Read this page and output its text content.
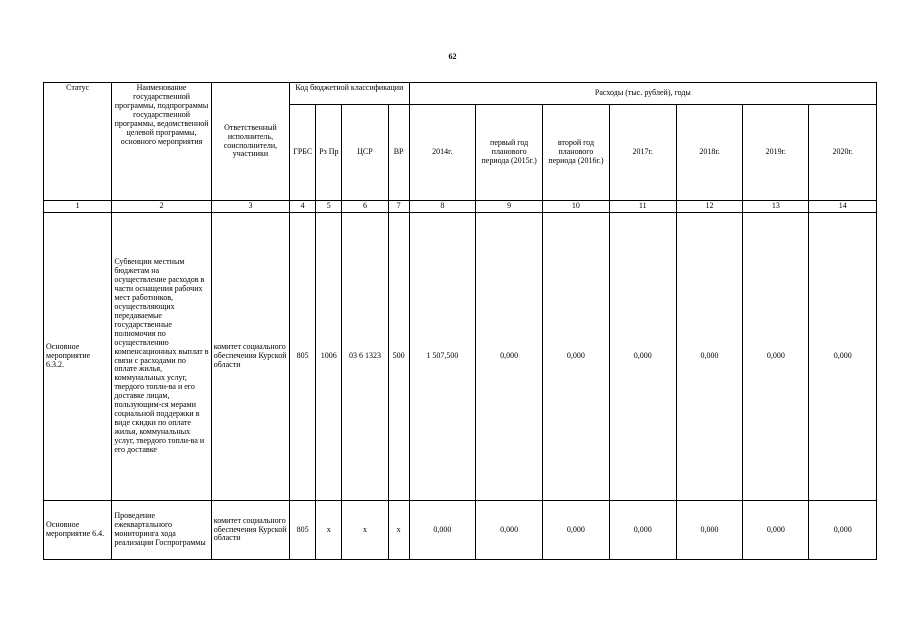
62
Статус	Наименование государственной программы, подпрограммы государственной программы, ведомственной целевой программы, основного мероприятия	Ответственный исполнитель, соисполнители, участники	Код бюджетной классификации				Расходы (тыс. рублей), годы						
			ГРБС	Рз Пр	ЦСР	ВР	2014г.	первый год планового периода (2015г.)	второй год планового периода (2016г.)	2017г.	2018г.	2019г.	2020г.
1	2	3	4	5	6	7	8	9	10	11	12	13	14
Основное мероприятие 6.3.2.	Субвенции местным бюджетам на осуществление расходов в части оснащения рабочих мест работников, осуществляющих передаваемые государственные полномочия по осуществлению компенсационных выплат в связи с расходами по оплате жилья, коммунальных услуг, твердого топли-ва и его доставке лицам, пользующим-ся мерами социальной поддержки в виде скидки по оплате жилья, коммунальных услуг, твердого топли-ва и его доставке	комитет социального обеспечения Курской области	805	1006	03 6 1323	500	1 507,500	0,000	0,000	0,000	0,000	0,000	0,000
Основное мероприятие 6.4.	Проведение ежеквартального мониторинга хода реализации Госпрограммы	комитет социального обеспечения Курской области	805	х	х	х	0,000	0,000	0,000	0,000	0,000	0,000	0,000
